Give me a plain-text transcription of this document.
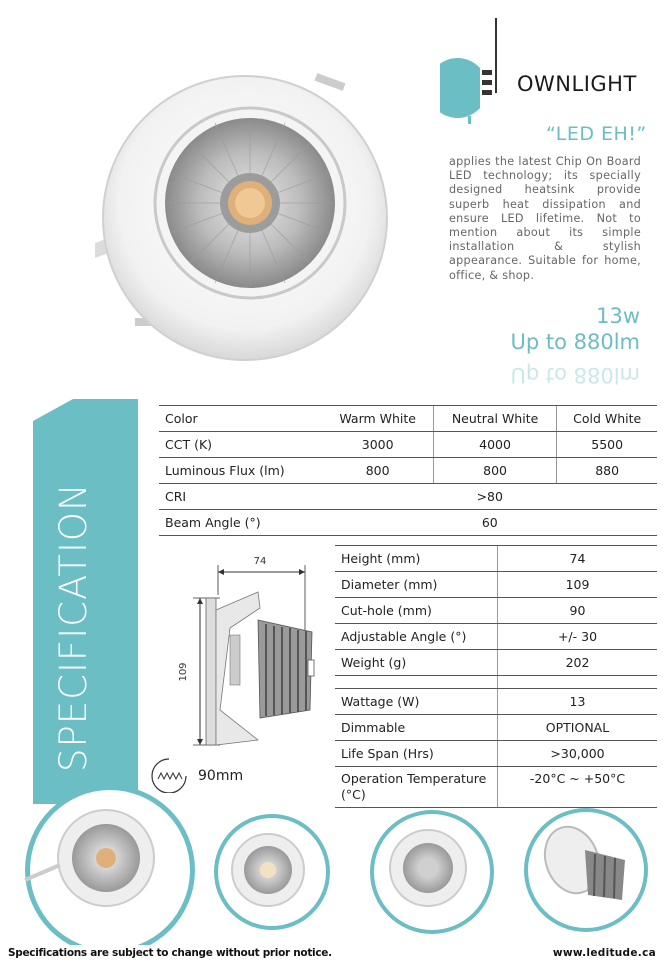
OWNLIGHT
“LED EH!”
applies the latest Chip On Board LED technology; its specially designed heatsink provide superb heat dissipation and ensure LED lifetime. Not to mention about its simple installation & stylish appearance. Suitable for home, office, & shop.
13w
Up to 880lm
Up to 880lm
SPECIFICATION
Color	Warm White	Neutral White	Cold White
CCT (K)	3000	4000	5500
Luminous Flux (lm)	800	800	880
CRI	>80		
Beam Angle (°)	60		
74
109
90mm
Height (mm)	74
Diameter (mm)	109
Cut-hole (mm)	90
Adjustable Angle (°)	+/- 30
Weight (g)	202

Wattage (W)	13
Dimmable	OPTIONAL
Life Span (Hrs)	>30,000
Operation Temperature (°C)	-20°C ~ +50°C
Specifications are subject to change without prior notice.	www.leditude.ca
